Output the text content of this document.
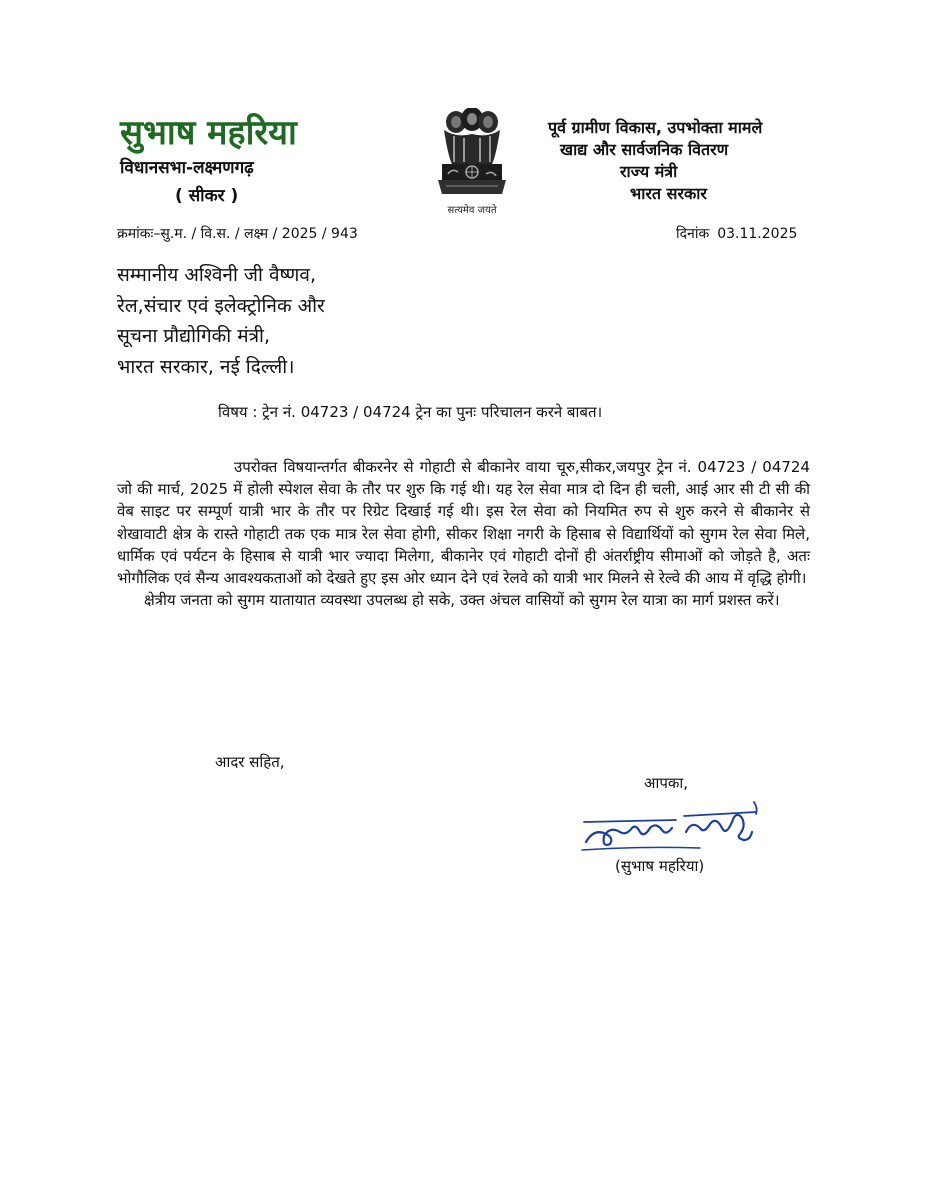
सुभाष महरिया
विधानसभा-लक्ष्मणगढ़
( सीकर )
सत्यमेव जयते
पूर्व ग्रामीण विकास, उपभोक्ता मामले
खाद्य और सार्वजनिक वितरण
राज्य मंत्री
भारत सरकार
क्रमांकः–सु.म. / वि.स. / लक्ष्म / 2025 / 943	दिनांक 03.11.2025
सम्मानीय अश्विनी जी वैष्णव,
रेल,संचार एवं इलेक्ट्रोनिक और
सूचना प्रौद्योगिकी मंत्री,
भारत सरकार, नई दिल्ली।
विषय : ट्रेन नं. 04723 / 04724 ट्रेन का पुनः परिचालन करने बाबत।

उपरोक्त विषयान्तर्गत बीकरनेर से गोहाटी से बीकानेर वाया चूरु,सीकर,जयपुर ट्रेन नं. 04723 / 04724 जो की मार्च, 2025 में होली स्पेशल सेवा के तौर पर शुरु कि गई थी। यह रेल सेवा मात्र दो दिन ही चली, आई आर सी टी सी की वेब साइट पर सम्पूर्ण यात्री भार के तौर पर रिग्रेट दिखाई गई थी। इस रेल सेवा को नियमित रुप से शुरु करने से बीकानेर से शेखावाटी क्षेत्र के रास्ते गोहाटी तक एक मात्र रेल सेवा होगी, सीकर शिक्षा नगरी के हिसाब से विद्यार्थियों को सुगम रेल सेवा मिले, धार्मिक एवं पर्यटन के हिसाब से यात्री भार ज्यादा मिलेगा, बीकानेर एवं गोहाटी दोनों ही अंतर्राष्ट्रीय सीमाओं को जोड़ते है, अतः भोगौलिक एवं सैन्य आवश्यकताओं को देखते हुए इस ओर ध्यान देने एवं रेलवे को यात्री भार मिलने से रेल्वे की आय में वृद्धि होगी।

क्षेत्रीय जनता को सुगम यातायात व्यवस्था उपलब्ध हो सके, उक्त अंचल वासियों को सुगम रेल यात्रा का मार्ग प्रशस्त करें।

आदर सहित,
आपका,
(सुभाष महरिया)
